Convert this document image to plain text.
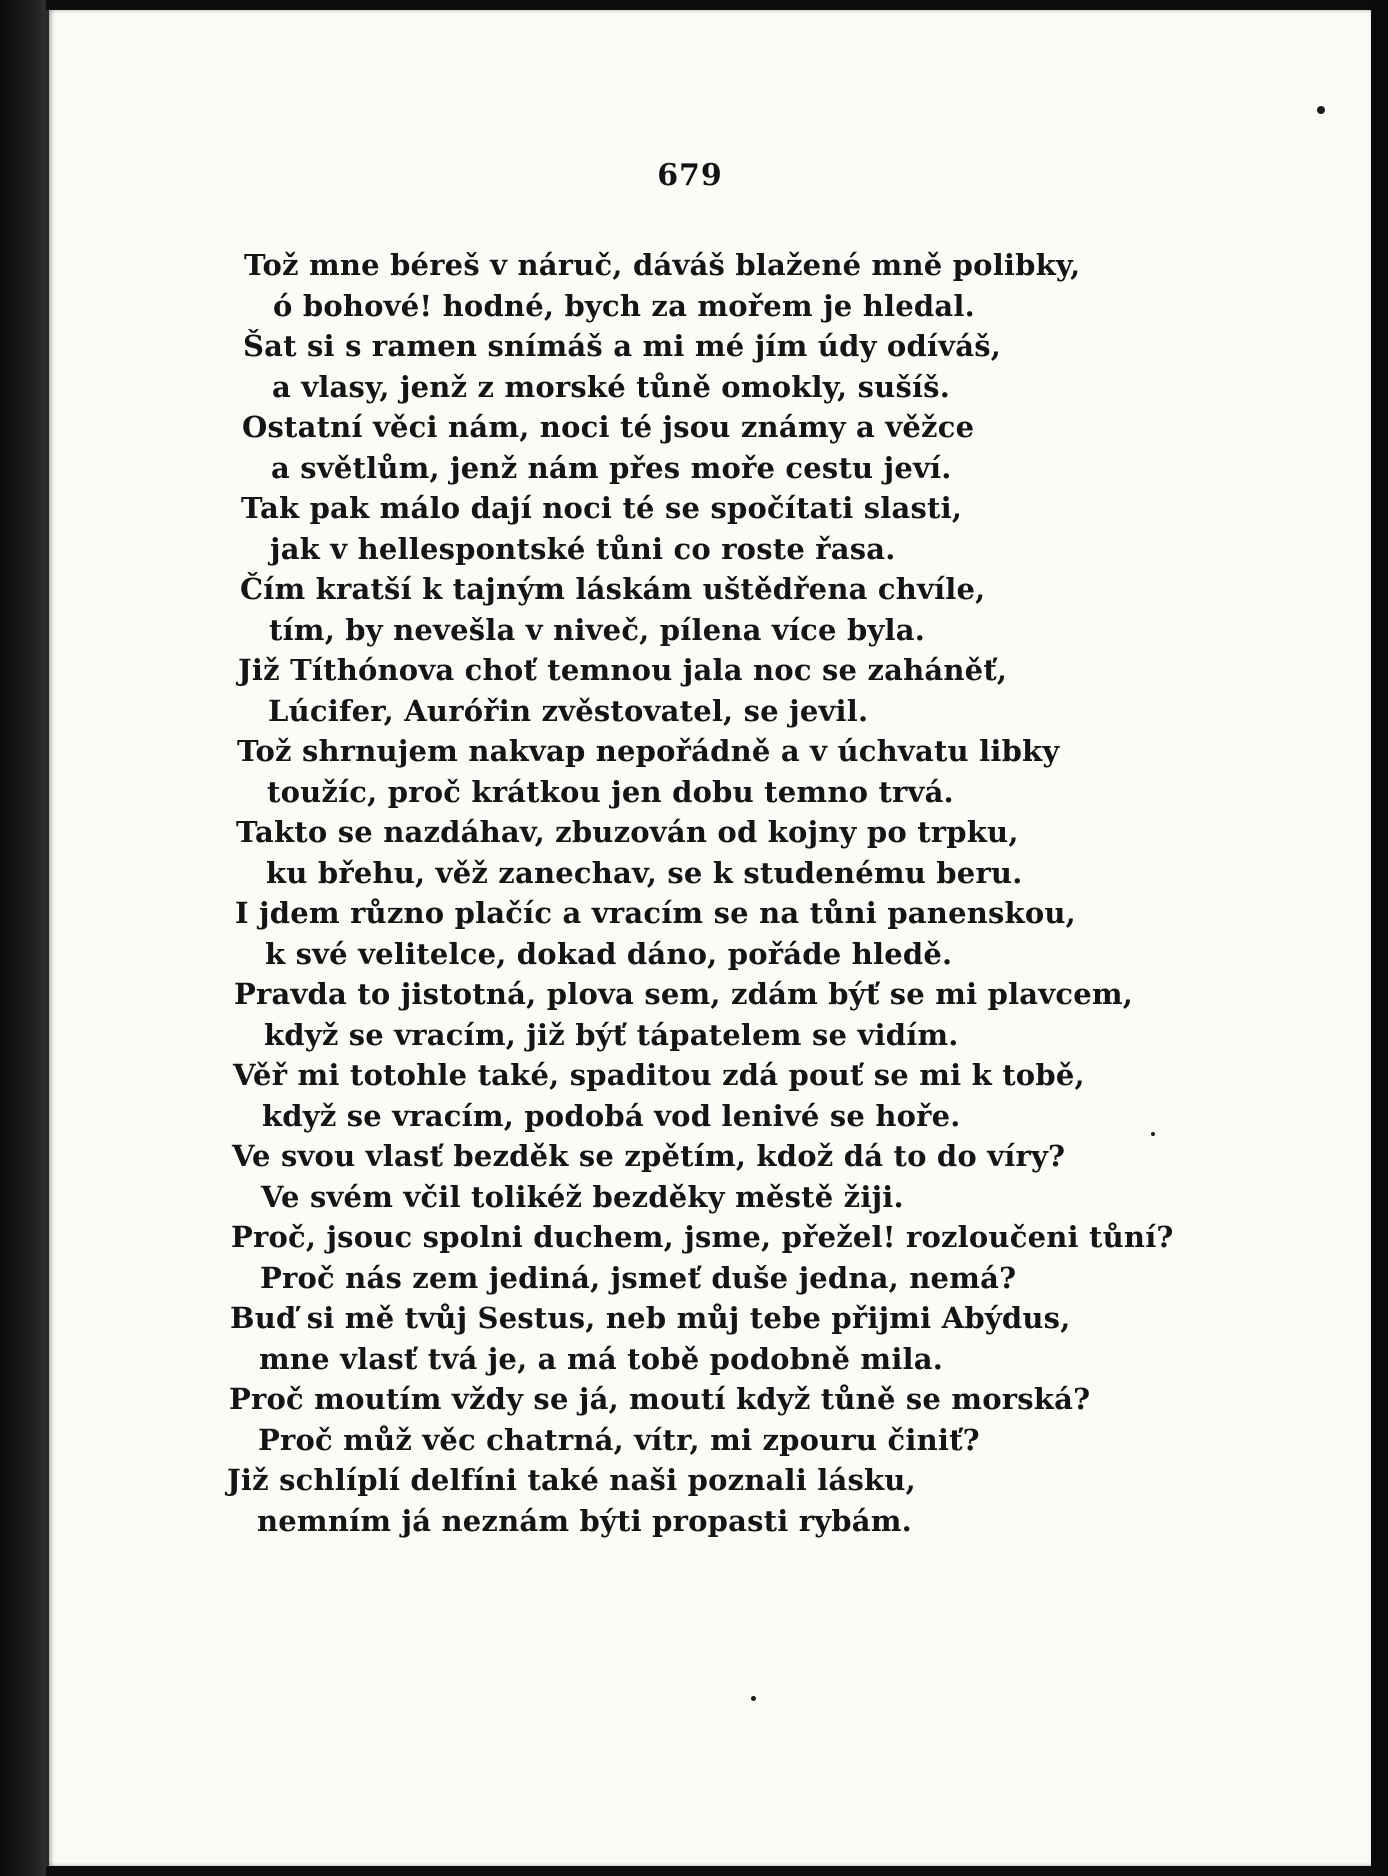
679
Tož mne béreš v náruč, dáváš blažené mně polibky,
ó bohové! hodné, bych za mořem je hledal.
Šat si s ramen snímáš a mi mé jím údy odíváš,
a vlasy, jenž z morské tůně omokly, sušíš.
Ostatní věci nám, noci té jsou známy a věžce
a světlům, jenž nám přes moře cestu jeví.
Tak pak málo dají noci té se spočítati slasti,
jak v hellespontské tůni co roste řasa.
Čím kratší k tajným láskám uštědřena chvíle,
tím, by nevešla v niveč, pílena více byla.
Již Títhónova choť temnou jala noc se zaháněť,
Lúcifer, Auróřin zvěstovatel, se jevil.
Tož shrnujem nakvap nepořádně a v úchvatu libky
toužíc, proč krátkou jen dobu temno trvá.
Takto se nazdáhav, zbuzován od kojny po trpku,
ku břehu, věž zanechav, se k studenému beru.
I jdem různo plačíc a vracím se na tůni panenskou,
k své velitelce, dokad dáno, pořáde hledě.
Pravda to jistotná, plova sem, zdám býť se mi plavcem,
když se vracím, již býť tápatelem se vidím.
Věř mi totohle také, spaditou zdá pouť se mi k tobě,
když se vracím, podobá vod lenivé se hoře.
Ve svou vlasť bezděk se zpětím, kdož dá to do víry?
Ve svém včil tolikéž bezděky městě žiji.
Proč, jsouc spolni duchem, jsme, přežel! rozloučeni tůní?
Proč nás zem jediná, jsmeť duše jedna, nemá?
Buď si mě tvůj Sestus, neb můj tebe přijmi Abýdus,
mne vlasť tvá je, a má tobě podobně mila.
Proč moutím vždy se já, moutí když tůně se morská?
Proč můž věc chatrná, vítr, mi zpouru činiť?
Již schlíplí delfíni také naši poznali lásku,
nemním já neznám býti propasti rybám.
